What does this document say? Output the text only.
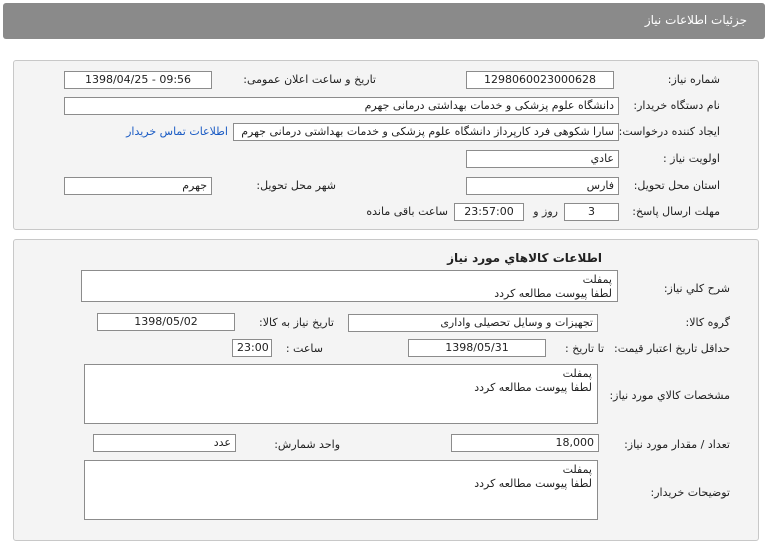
جزئیات اطلاعات نیاز
شماره نیاز:
1298060023000628
تاریخ و ساعت اعلان عمومی:
1398/04/25 - 09:56
نام دستگاه خریدار:
دانشگاه علوم پزشکی و خدمات بهداشتی درمانی جهرم
ایجاد کننده درخواست:
سارا شکوهی فرد کارپرداز دانشگاه علوم پزشکی و خدمات بهداشتی درمانی جهرم
اطلاعات تماس خریدار
اولویت نیاز :
عادي
استان محل تحویل:
فارس
شهر محل تحویل:
جهرم
مهلت ارسال پاسخ:
3
روز و
23:57:00
ساعت باقی مانده
اطلاعات کالاهاي مورد نياز
شرح کلي نياز:
پمفلت
لطفا پیوست مطالعه کردد
گروه کالا:
تجهیزات و وسایل تحصیلی واداری
تاریخ نیاز به کالا:
1398/05/02
حداقل تاریخ اعتبار قیمت:
تا تاریخ :
1398/05/31
ساعت :
23:00
مشخصات کالاي مورد نياز:
پمفلت
لطفا پیوست مطالعه کردد
تعداد / مقدار مورد نیاز:
18,000
واحد شمارش:
عدد
توضیحات خریدار:
پمفلت
لطفا پیوست مطالعه کردد
